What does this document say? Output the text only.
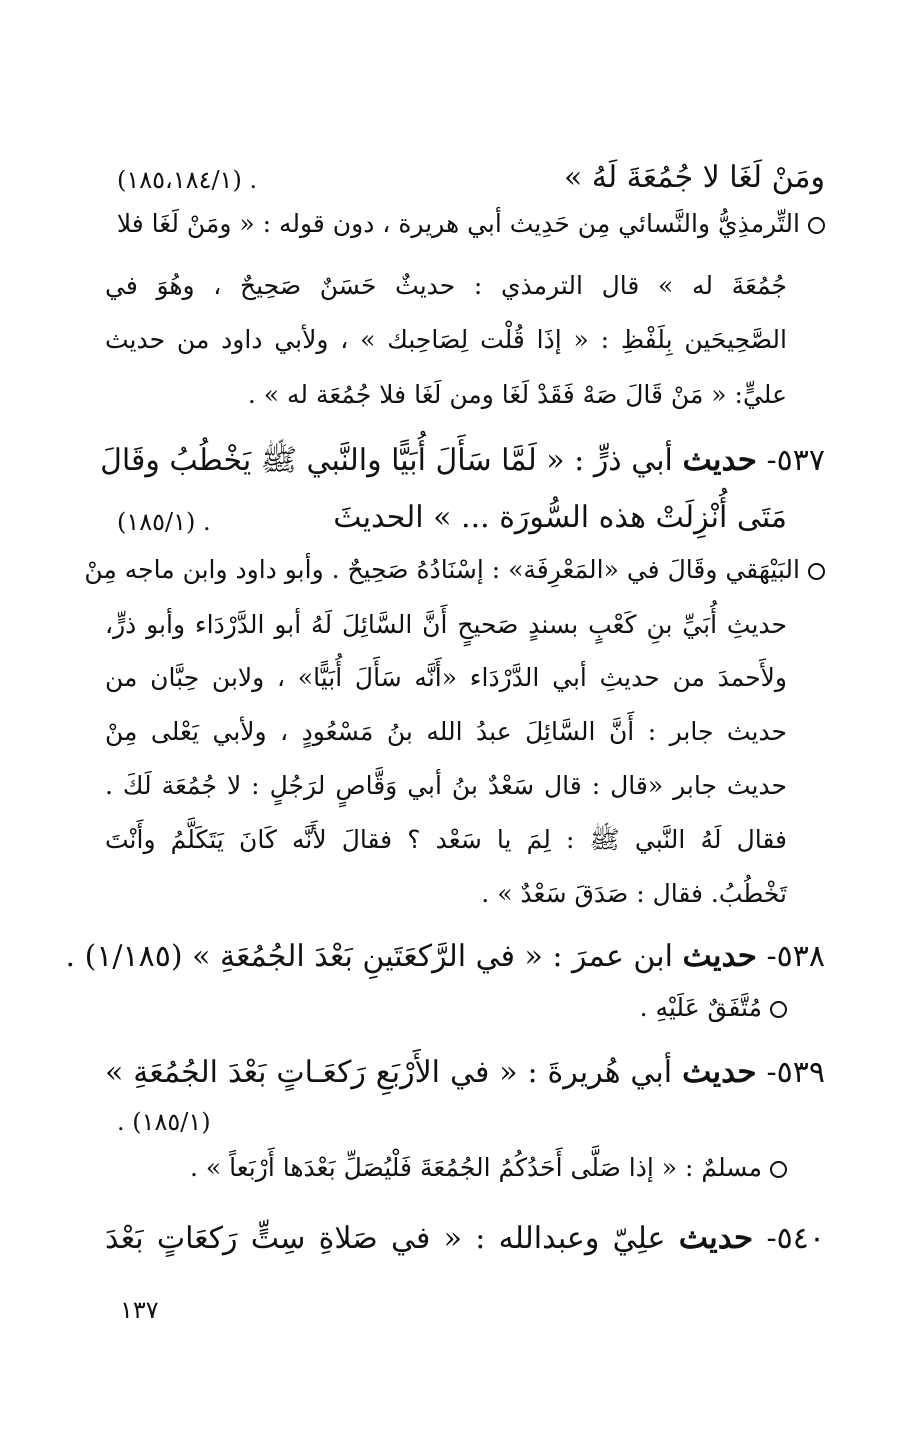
ومَنْ لَغَا لا جُمُعَةَ لَهُ »
(١٨٥،١٨٤/١) .
التِّرمذِيُّ والنَّسائي مِن حَدِيث أبي هريرة ، دون قوله : « ومَنْ لَغَا فلا
جُمُعَةَ له » قال الترمذي : حديثٌ حَسَنٌ صَحِيحٌ ، وهُوَ في
الصَّحِيحَين بِلَفْظِ : « إذَا قُلْت لِصَاحِبك » ، ولأبي داود من حديث
عليٍّ: « مَنْ قَالَ صَهْ فَقَدْ لَغَا ومن لَغَا فلا جُمُعَة له » .
٥٣٧- حديث أبي ذرٍّ : « لَمَّا سَأَلَ أُبَيًّا والنَّبي ﷺ يَخْطُبُ وقَالَ
مَتَى أُنْزِلَتْ هذه السُّورَة ... » الحديثَ
(١٨٥/١) .
البَيْهَقي وقَالَ في «المَعْرِفَة» : إسْنَادُهُ صَحِيحٌ . وأبو داود وابن ماجه مِنْ
حديثِ أُبَيِّ بنِ كَعْبٍ بسندٍ صَحيحٍ أَنَّ السَّائِلَ لَهُ أبو الدَّرْدَاء وأبو ذرٍّ،
ولأَحمدَ من حديثِ أبي الدَّرْدَاء «أَنَّه سَأَلَ أُبَيًّا» ، ولابن حِبَّان من
حديث جابر : أَنَّ السَّائِلَ عبدُ الله بنُ مَسْعُودٍ ، ولأبي يَعْلى مِنْ
حديث جابر «قال : قال سَعْدٌ بنُ أبي وَقَّاصٍ لرَجُلٍ : لا جُمُعَة لَكَ .
فقال لَهُ النَّبي ﷺ : لِمَ يا سَعْد ؟ فقالَ لأَنَّه كَانَ يَتَكَلَّمُ وأَنْتَ
تَخْطُبُ. فقال : صَدَقَ سَعْدٌ » .
٥٣٨- حديث ابن عمرَ : « في الرَّكعَتَينِ بَعْدَ الجُمُعَةِ » (١/١٨٥) .
مُتَّفَقٌ عَلَيْهِ .
٥٣٩- حديث أبي هُريرةَ : « في الأَرْبَعِ رَكعَـاتٍ بَعْدَ الجُمُعَةِ »
. (١٨٥/١)
مسلمٌ : « إذا صَلَّى أَحَدُكُمُ الجُمُعَةَ فَلْيُصَلِّ بَعْدَها أَرْبَعاً » .
٥٤٠- حديث علِيّ وعبدالله : « في صَلاةِ سِتٍّ رَكعَاتٍ بَعْدَ
١٣٧
